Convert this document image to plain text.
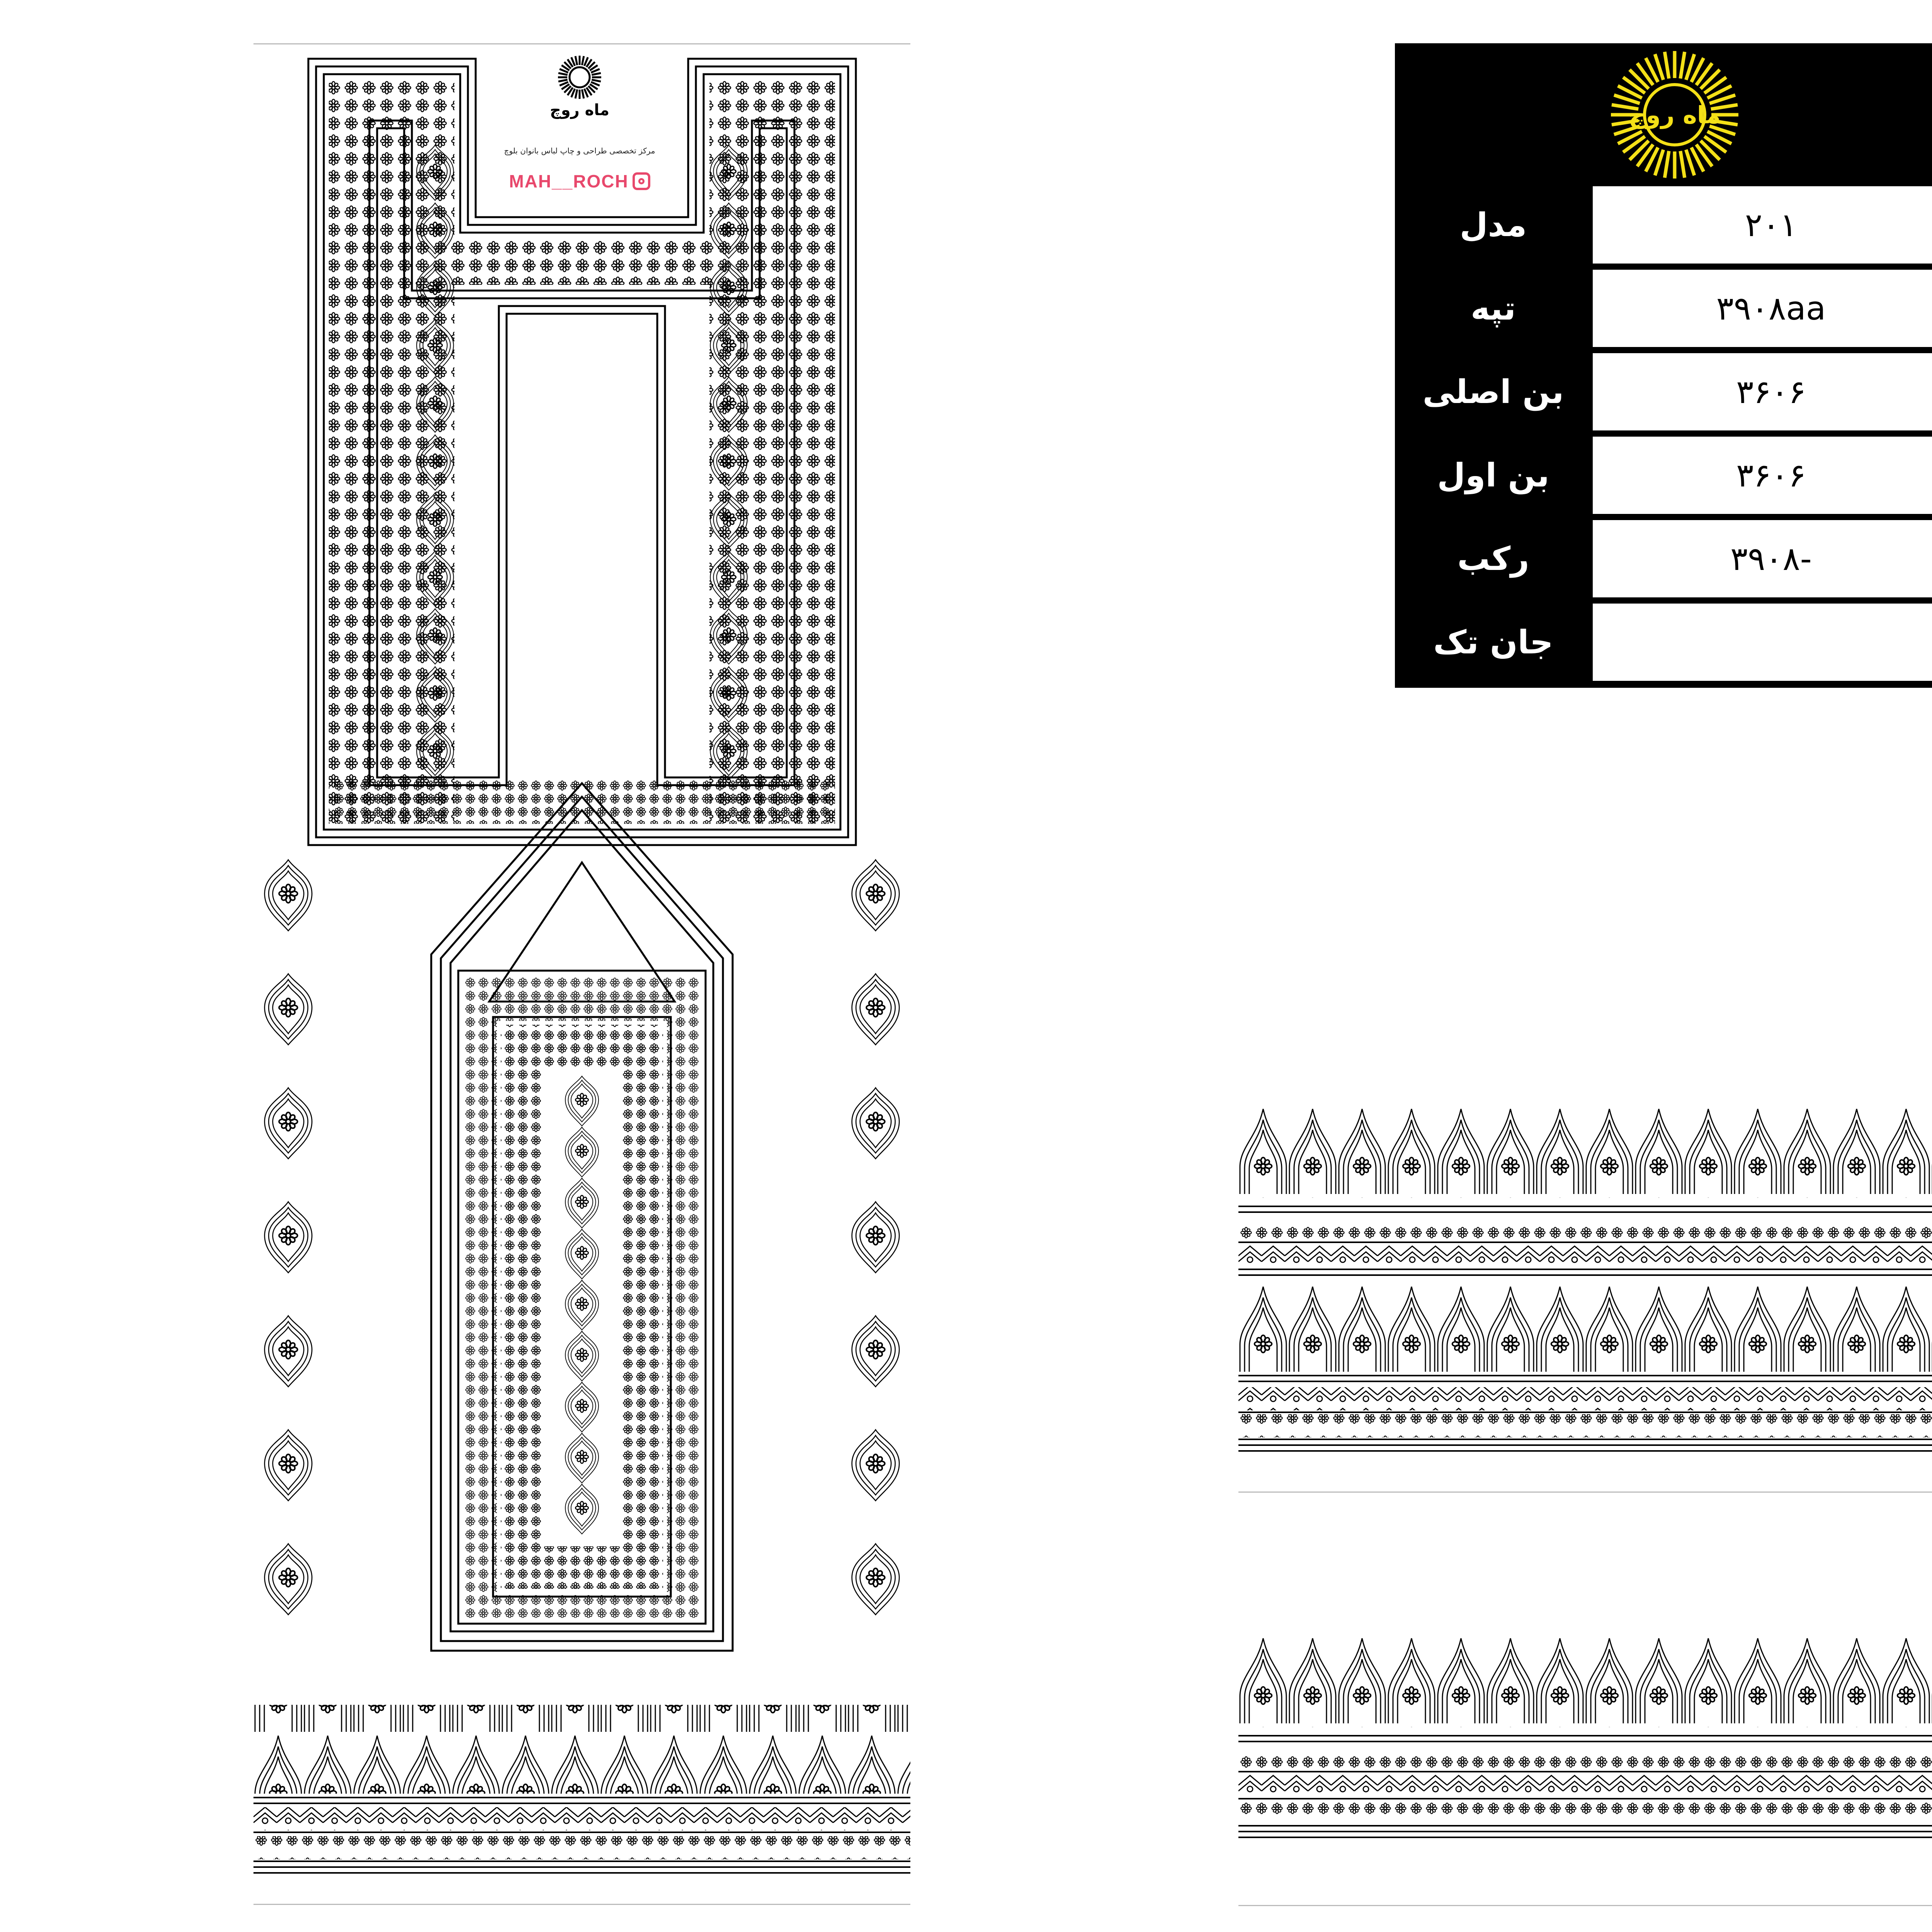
ماه روچ
مرکز تخصصی طراحی و چاپ لباس بانوان بلوچ
MAH__ROCH
ماه روچ
مدل	۲۰۱
تپه	۳۹۰۸aa
بن اصلی	۳۶۰۶
بن اول	۳۶۰۶
رکب	-۳۹۰۸
جان تک
